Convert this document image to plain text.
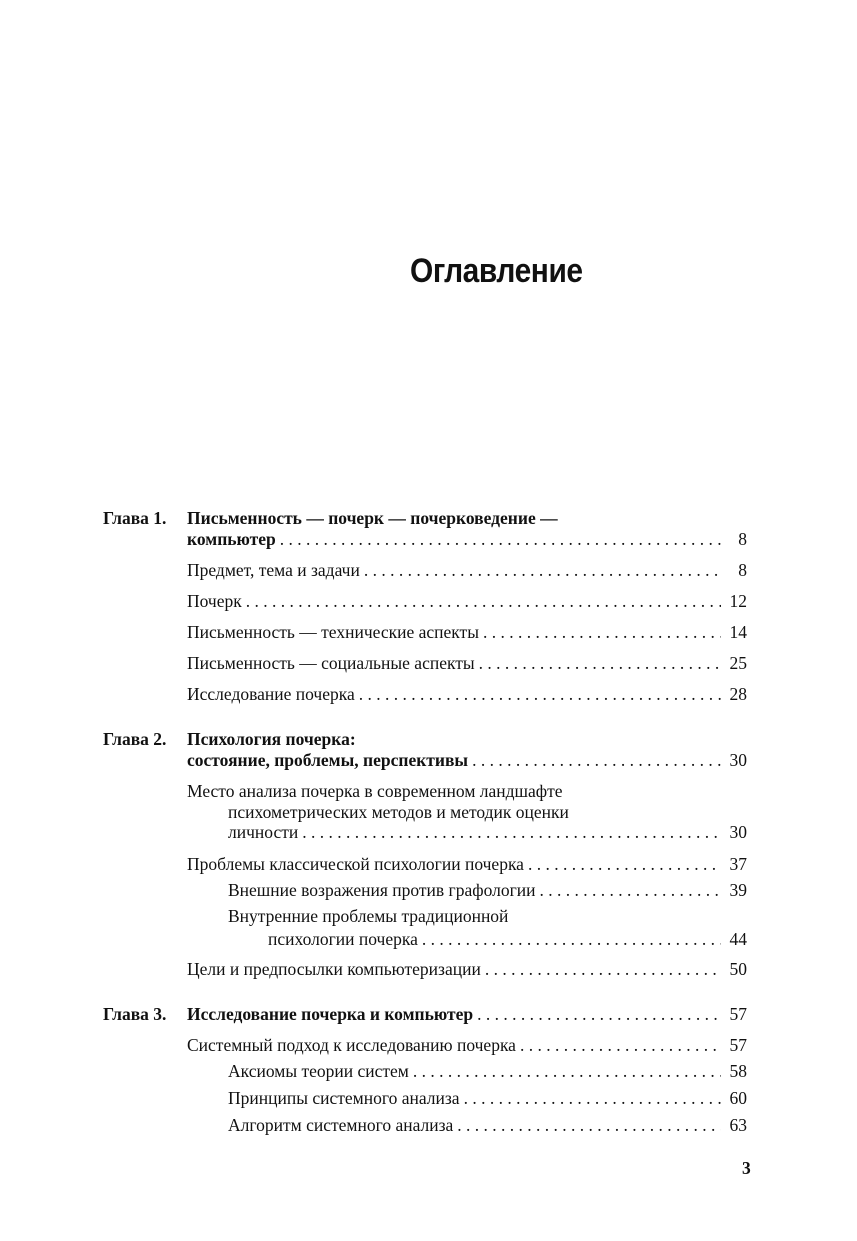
Оглавление
Глава 1. Письменность — почерк — почерковедение —
компьютер . . .	8
Предмет, тема и задачи . . .	8
Почерк . . .	12
Письменность — технические аспекты . . .	14
Письменность — социальные аспекты . . .	25
Исследование почерка . . .	28
Глава 2. Психология почерка:
состояние, проблемы, перспективы . . .	30
Место анализа почерка в современном ландшафте
психометрических методов и методик оценки
личности . . .	30
Проблемы классической психологии почерка . . .	37
Внешние возражения против графологии . . .	39
Внутренние проблемы традиционной
психологии почерка . . .	44
Цели и предпосылки компьютеризации . . .	50
Глава 3. Исследование почерка и компьютер . . .	57
Системный подход к исследованию почерка . . .	57
Аксиомы теории систем . . .	58
Принципы системного анализа . . .	60
Алгоритм системного анализа . . .	63
3
